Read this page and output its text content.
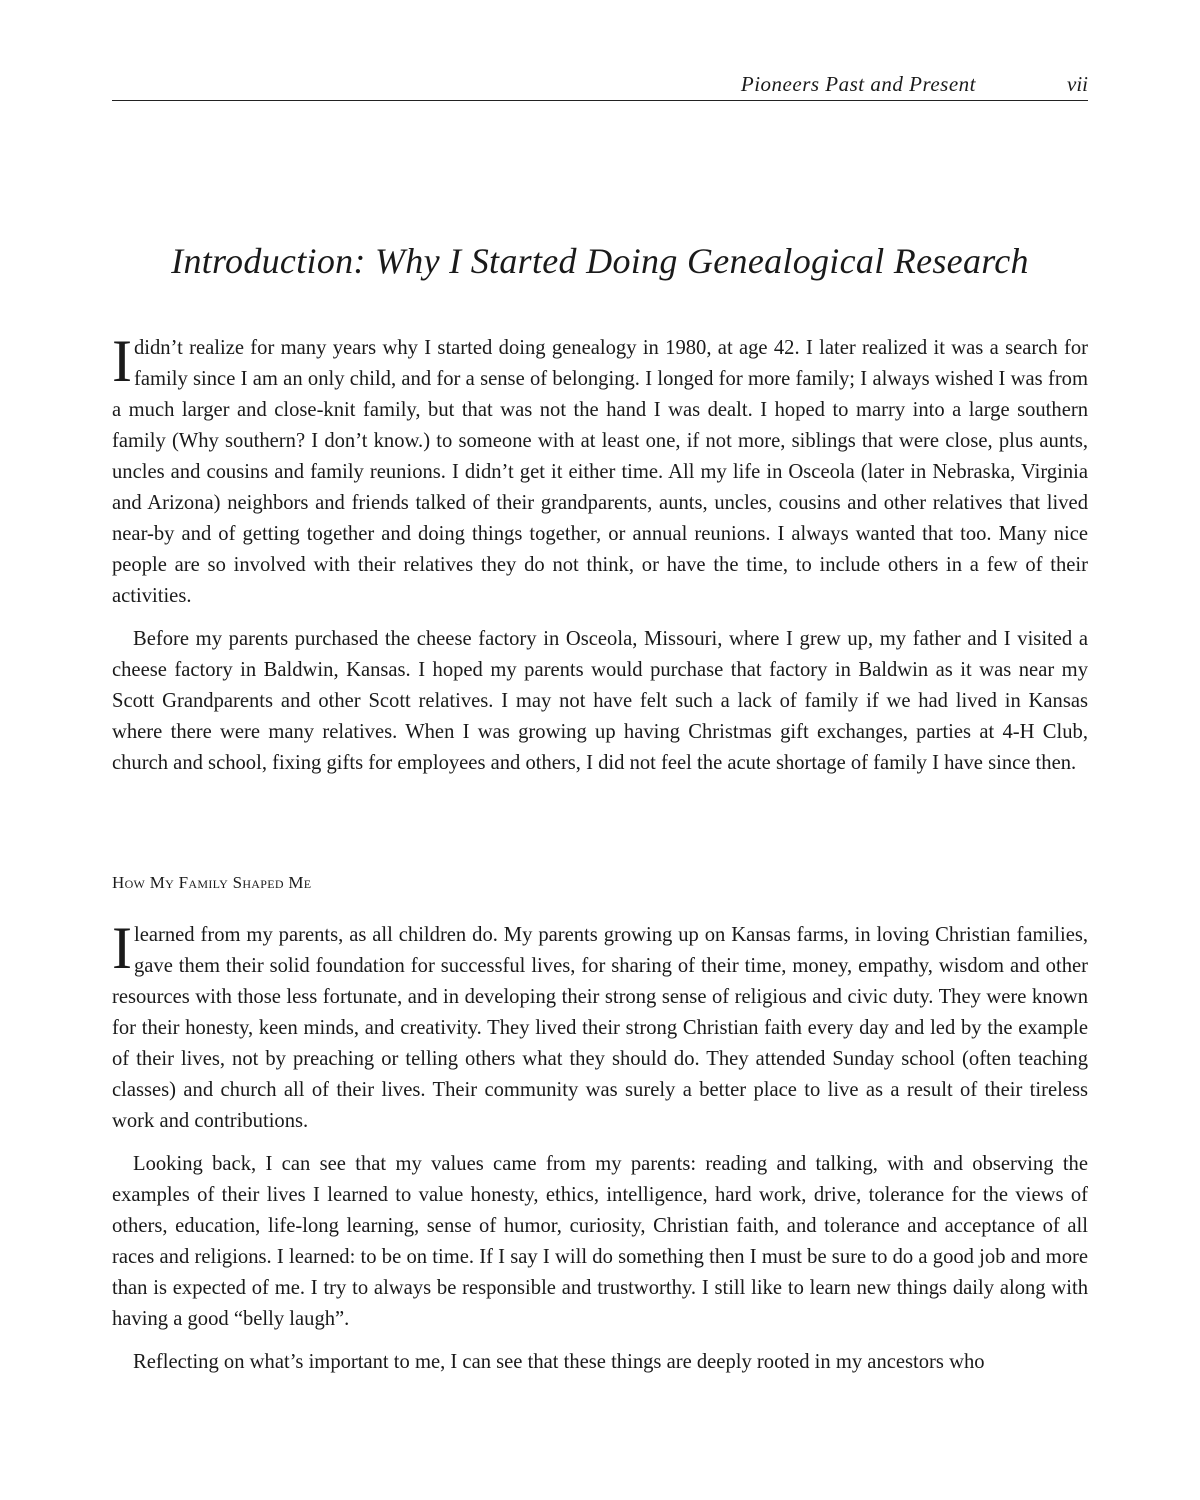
Pioneers Past and Present	vii
Introduction: Why I Started Doing Genealogical Research

Ididn’t realize for many years why I started doing genealogy in 1980, at age 42. I later realized it was a search for family since I am an only child, and for a sense of belonging. I longed for more family; I always wished I was from a much larger and close-knit family, but that was not the hand I was dealt. I hoped to marry into a large southern family (Why southern? I don’t know.) to someone with at least one, if not more, siblings that were close, plus aunts, uncles and cousins and family reunions. I didn’t get it either time. All my life in Osceola (later in Nebraska, Virginia and Arizona) neighbors and friends talked of their grandparents, aunts, uncles, cousins and other relatives that lived near-by and of getting together and doing things together, or annual reunions. I always wanted that too. Many nice people are so involved with their relatives they do not think, or have the time, to include others in a few of their activities.

Before my parents purchased the cheese factory in Osceola, Missouri, where I grew up, my father and I visited a cheese factory in Baldwin, Kansas. I hoped my parents would purchase that factory in Baldwin as it was near my Scott Grandparents and other Scott relatives. I may not have felt such a lack of family if we had lived in Kansas where there were many relatives. When I was growing up having Christmas gift exchanges, parties at 4-H Club, church and school, fixing gifts for employees and others, I did not feel the acute shortage of family I have since then.

How My Family Shaped Me

Ilearned from my parents, as all children do. My parents growing up on Kansas farms, in loving Christian families, gave them their solid foundation for successful lives, for sharing of their time, money, empathy, wisdom and other resources with those less fortunate, and in developing their strong sense of religious and civic duty. They were known for their honesty, keen minds, and creativity. They lived their strong Christian faith every day and led by the example of their lives, not by preaching or telling others what they should do. They attended Sunday school (often teaching classes) and church all of their lives. Their community was surely a better place to live as a result of their tireless work and contributions.

Looking back, I can see that my values came from my parents: reading and talking, with and observing the examples of their lives I learned to value honesty, ethics, intelligence, hard work, drive, tolerance for the views of others, education, life-long learning, sense of humor, curiosity, Christian faith, and tolerance and acceptance of all races and religions. I learned: to be on time. If I say I will do something then I must be sure to do a good job and more than is expected of me. I try to always be responsible and trustworthy. I still like to learn new things daily along with having a good “belly laugh”.

Reflecting on what’s important to me, I can see that these things are deeply rooted in my ancestors who
